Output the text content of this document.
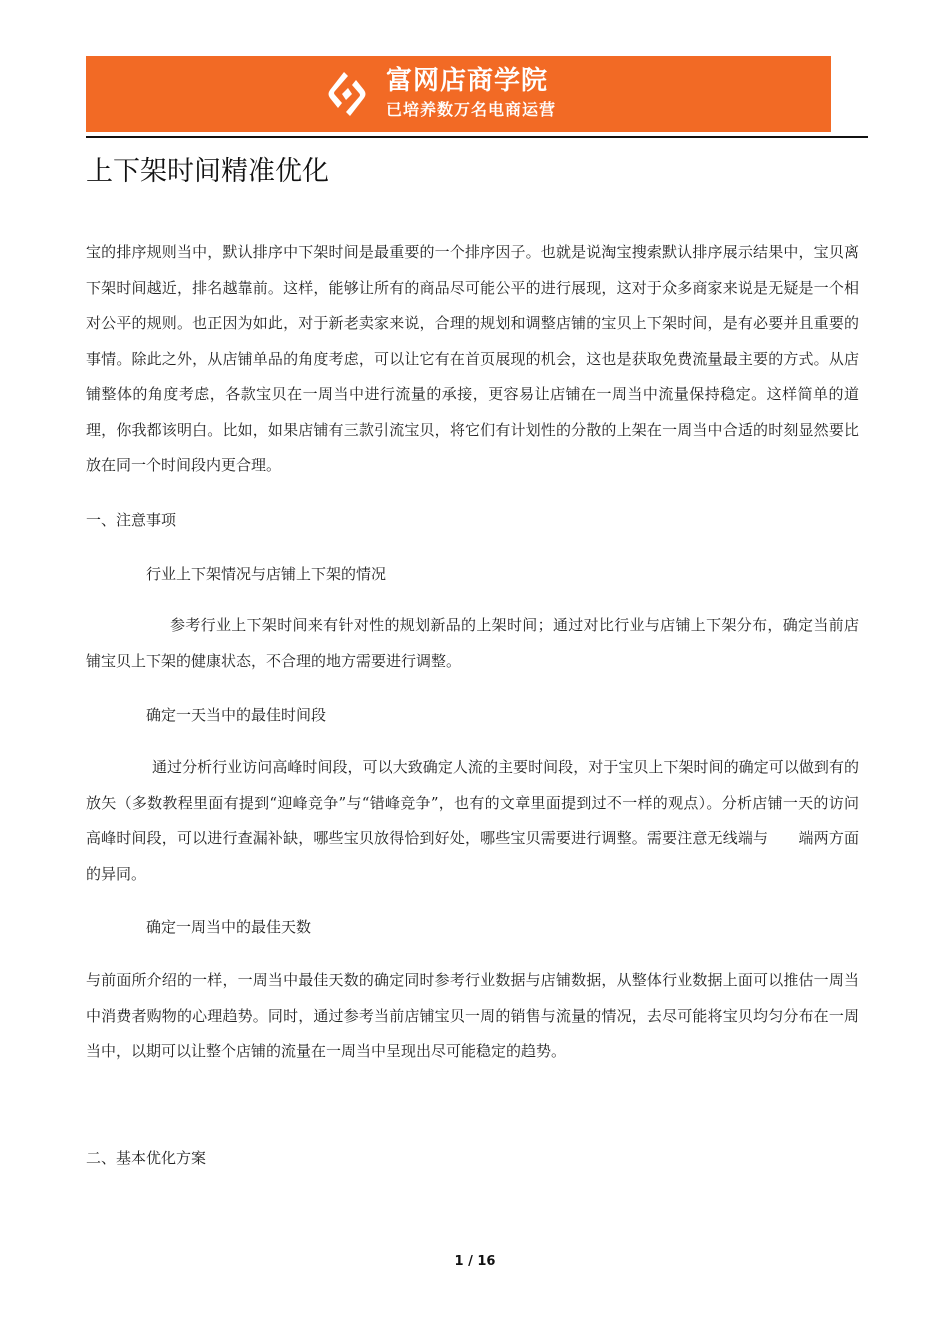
富网店商学院
已培养数万名电商运营
上下架时间精准优化

宝的排序规则当中，默认排序中下架时间是最重要的一个排序因子。也就是说淘宝搜索默认排序展示结果中，宝贝离下架时间越近，排名越靠前。这样，能够让所有的商品尽可能公平的进行展现，这对于众多商家来说是无疑是一个相对公平的规则。也正因为如此，对于新老卖家来说，合理的规划和调整店铺的宝贝上下架时间，是有必要并且重要的事情。除此之外，从店铺单品的角度考虑，可以让它有在首页展现的机会，这也是获取免费流量最主要的方式。从店铺整体的角度考虑，各款宝贝在一周当中进行流量的承接，更容易让店铺在一周当中流量保持稳定。这样简单的道理，你我都该明白。比如，如果店铺有三款引流宝贝，将它们有计划性的分散的上架在一周当中合适的时刻显然要比放在同一个时间段内更合理。

一、注意事项

行业上下架情况与店铺上下架的情况

参考行业上下架时间来有针对性的规划新品的上架时间；通过对比行业与店铺上下架分布，确定当前店铺宝贝上下架的健康状态，不合理的地方需要进行调整。

确定一天当中的最佳时间段

通过分析行业访问高峰时间段，可以大致确定人流的主要时间段，对于宝贝上下架时间的确定可以做到有的放矢（多数教程里面有提到“迎峰竞争”与“错峰竞争”，也有的文章里面提到过不一样的观点）。分析店铺一天的访问高峰时间段，可以进行查漏补缺，哪些宝贝放得恰到好处，哪些宝贝需要进行调整。需要注意无线端与　　端两方面的异同。

确定一周当中的最佳天数

与前面所介绍的一样，一周当中最佳天数的确定同时参考行业数据与店铺数据，从整体行业数据上面可以推估一周当中消费者购物的心理趋势。同时，通过参考当前店铺宝贝一周的销售与流量的情况，去尽可能将宝贝均匀分布在一周当中，以期可以让整个店铺的流量在一周当中呈现出尽可能稳定的趋势。

二、基本优化方案

1 / 16
